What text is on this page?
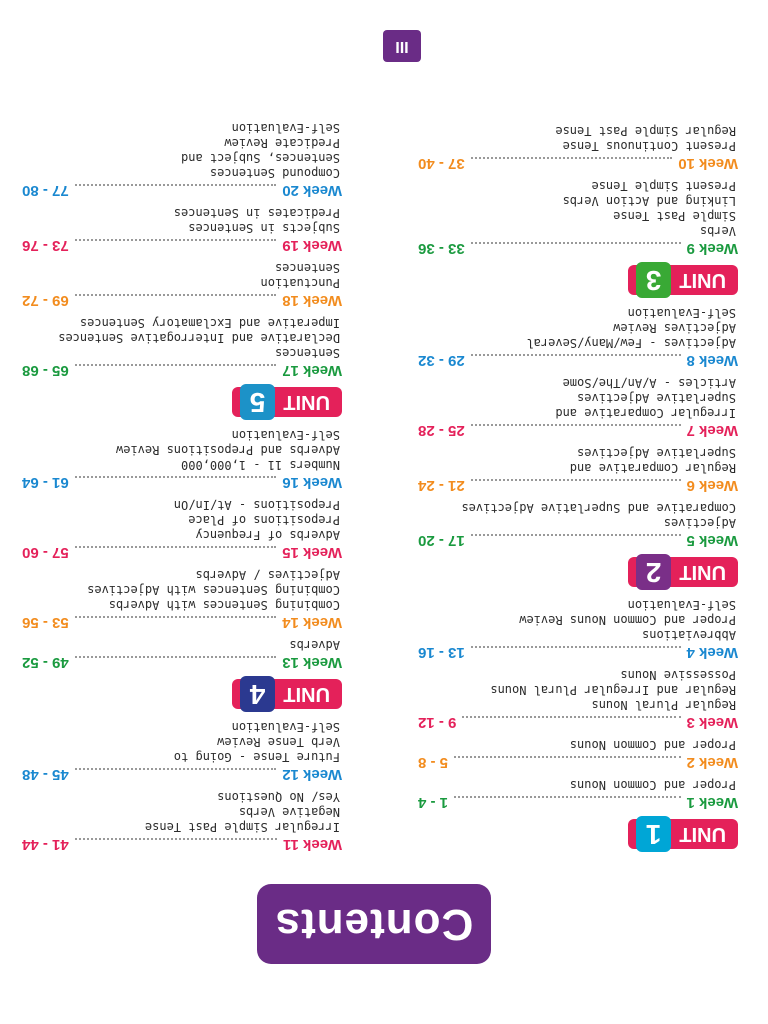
Contents
UNIT
1
Week 1
1 - 4
Proper and Common Nouns
Week 2
5 - 8
Proper and Common Nouns
Week 3
9 - 12
Regular Plural Nouns
Regular and Irregular Plural Nouns
Possessive Nouns
Week 4
13 - 16
Abbreviations
Proper and Common Nouns Review
Self-Evaluation
UNIT
2
Week 5
17 - 20
Adjectives
Comparative and Superlative Adjectives
Week 6
21 - 24
Regular Comparative and
Superlative Adjectives
Week 7
25 - 28
Irregular Comparative and
Superlative Adjectives
Articles - A/An/The/Some
Week 8
29 - 32
Adjectives - Few/Many/Several
Adjectives Review
Self-Evaluation
UNIT
3
Week 9
33 - 36
Verbs
Simple Past Tense
Linking and Action Verbs
Present Simple Tense
Week 10
37 - 40
Present Continuous Tense
Regular Simple Past Tense
Week 11
41 - 44
Irregular Simple Past Tense
Negative Verbs
Yes/ No Questions
Week 12
45 - 48
Future Tense - Going to
Verb Tense Review
Self-Evaluation
UNIT
4
Week 13
49 - 52
Adverbs
Week 14
53 - 56
Combining Sentences with Adverbs
Combining Sentences with Adjectives
Adjectives / Adverbs
Week 15
57 - 60
Adverbs of Frequency
Prepositions of Place
Prepositions - At/In/On
Week 16
61 - 64
Numbers 11 - 1,000,000
Adverbs and Prepositions Review
Self-Evaluation
UNIT
5
Week 17
65 - 68
Sentences
Declarative and Interrogative Sentences
Imperative and Exclamatory Sentences
Week 18
69 - 72
Punctuation
Sentences
Week 19
73 - 76
Subjects in Sentences
Predicates in Sentences
Week 20
77 - 80
Compound Sentences
Sentences, Subject and
Predicate Review
Self-Evaluation
III
